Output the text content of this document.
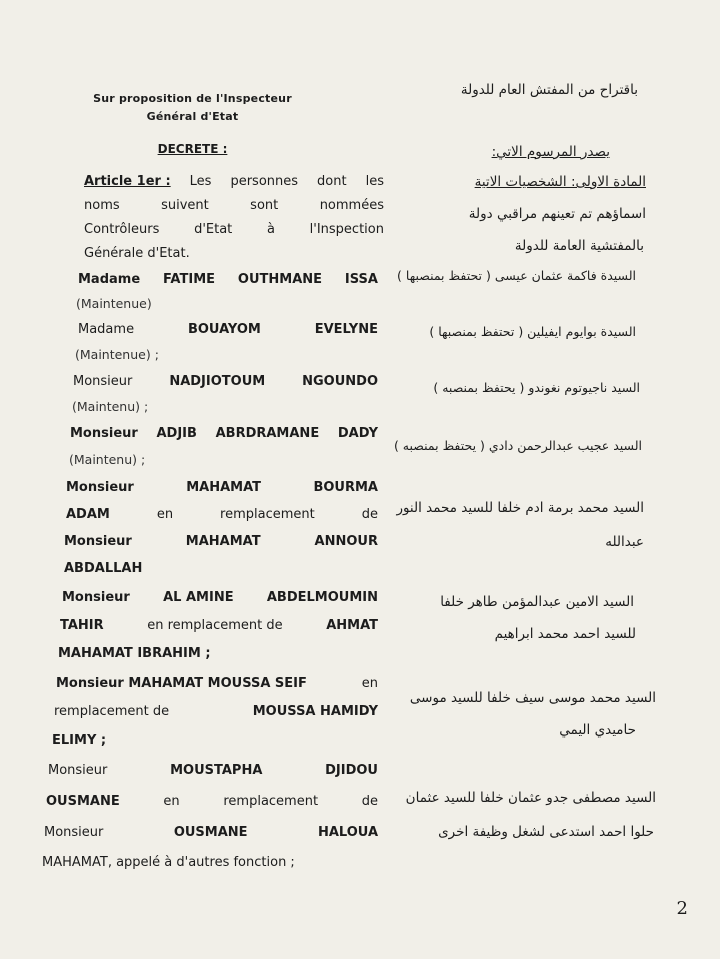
Sur proposition de l'Inspecteur
Général d'Etat
DECRETE :
Article 1er : Les personnes dont les
noms	suivent	sont	nommées
Contrôleurs	d'Etat	à	l'Inspection
Générale d'Etat.
Madame FATIME OUTHMANE ISSA
(Maintenue)
Madame	BOUAYOM	EVELYNE
(Maintenue) ;
Monsieur	NADJIOTOUM	NGOUNDO
(Maintenu) ;
Monsieur ADJIB ABRDRAMANE DADY
(Maintenu) ;
Monsieur	MAHAMAT	BOURMA
ADAM	en	remplacement	de
Monsieur	MAHAMAT	ANNOUR
ABDALLAH
Monsieur	AL AMINE	ABDELMOUMIN
TAHIR	en remplacement de	AHMAT
MAHAMAT IBRAHIM ;
Monsieur MAHAMAT MOUSSA SEIF	en
remplacement de	MOUSSA HAMIDY
ELIMY ;
Monsieur	MOUSTAPHA	DJIDOU
OUSMANE	en	remplacement	de
Monsieur	OUSMANE	HALOUA
MAHAMAT, appelé à d'autres fonction ;
باقتراح من المفتش العام للدولة
يصدر المرسوم الاتي:
المادة الاولى: الشخصيات الاتية
اسماؤهم تم تعينهم مراقبي دولة
بالمفتشية العامة للدولة
السيدة فاكمة عثمان عيسى ( تحتفظ بمنصبها )
السيدة بوايوم ايفيلين ( تحتفظ بمنصبها )
السيد ناجيوتوم نغوندو ( يحتفظ بمنصبه )
السيد عجيب عبدالرحمن دادي ( يحتفظ بمنصبه )
السيد محمد برمة ادم خلفا للسيد محمد النور
عبدالله
السيد الامين عبدالمؤمن طاهر خلفا
للسيد احمد محمد ابراهيم
السيد محمد موسى سيف خلفا للسيد موسى
حاميدي اليمي
السيد مصطفى جدو عثمان خلفا للسيد عثمان
حلوا احمد استدعى لشغل وظيفة اخرى
2
